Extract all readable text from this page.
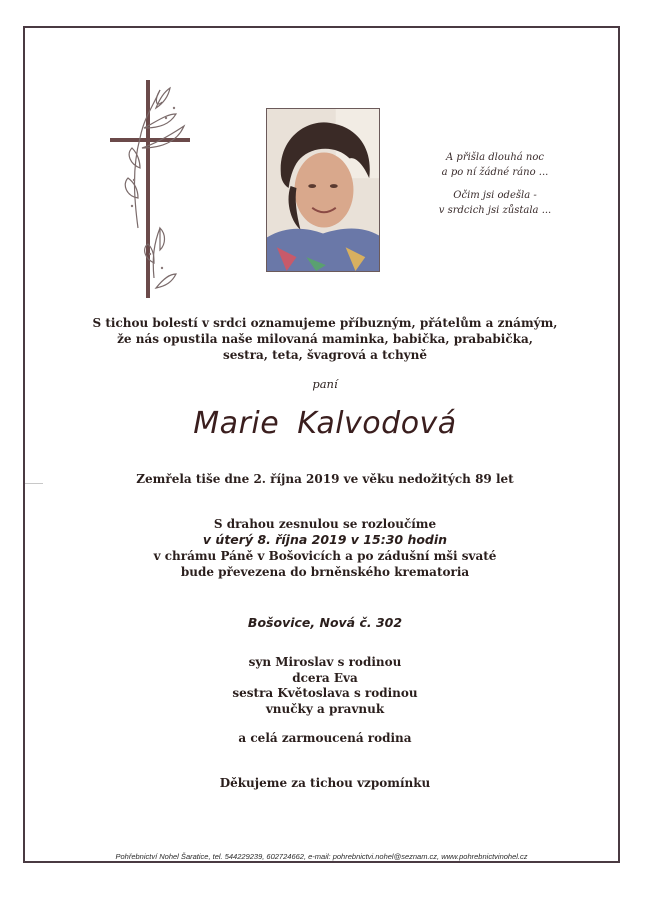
A přišla dlouhá noc
a po ní žádné ráno ...

Očim jsi odešla -
v srdcich jsi zůstala ...

S tichou bolestí v srdci oznamujeme příbuzným, přátelům a známým,
že nás opustila naše milovaná maminka, babička, prababička,
sestra, teta, švagrová a tchyně
paní
Marie Kalvodová
Zemřela tiše dne 2. října 2019 ve věku nedožitých 89 let
S drahou zesnulou se rozloučíme
v úterý 8. října 2019 v 15:30 hodin
v chrámu Páně v Bošovicích a po zádušní mši svaté
bude převezena do brněnského krematoria
Bošovice, Nová č. 302
syn Miroslav s rodinou
dcera Eva
sestra Květoslava s rodinou
vnučky a pravnuk
a celá zarmoucená rodina
Děkujeme za tichou vzpomínku
Pohřebnictví Nohel Šaratice, tel. 544229239, 602724662, e-mail: pohrebnictvi.nohel@seznam.cz, www.pohrebnictvinohel.cz
